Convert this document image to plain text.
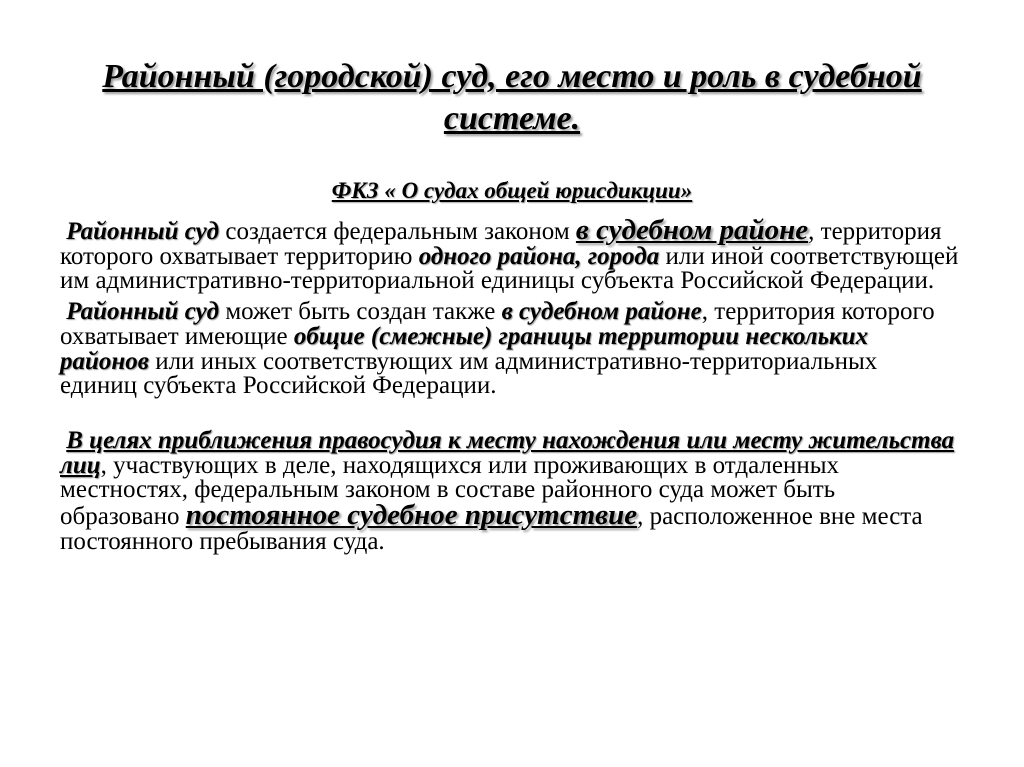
Районный (городской) суд, его место и роль в судебной системе.
ФКЗ « О судах общей юрисдикции»

Районный суд создается федеральным законом в судебном районе, территория которого охватывает территорию одного района, города или иной соответствующей им административно-территориальной единицы субъекта Российской Федерации.

Районный суд может быть создан также в судебном районе, территория которого охватывает имеющие общие (смежные) границы территории нескольких районов или иных соответствующих им административно-территориальных единиц субъекта Российской Федерации.

В целях приближения правосудия к месту нахождения или месту жительства лиц, участвующих в деле, находящихся или проживающих в отдаленных местностях, федеральным законом в составе районного суда может быть образовано постоянное судебное присутствие, расположенное вне места постоянного пребывания суда.
